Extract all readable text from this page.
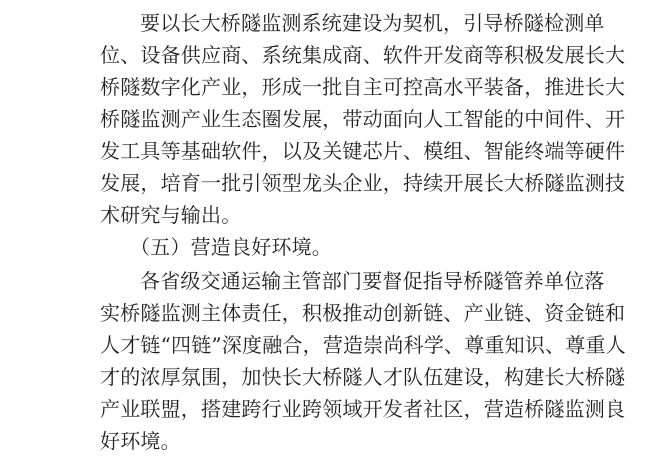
要以长大桥隧监测系统建设为契机，引导桥隧检测单
位、设备供应商、系统集成商、软件开发商等积极发展长大
桥隧数字化产业，形成一批自主可控高水平装备，推进长大
桥隧监测产业生态圈发展，带动面向人工智能的中间件、开
发工具等基础软件，以及关键芯片、模组、智能终端等硬件
发展，培育一批引领型龙头企业，持续开展长大桥隧监测技
术研究与输出。
（五）营造良好环境。
各省级交通运输主管部门要督促指导桥隧管养单位落
实桥隧监测主体责任，积极推动创新链、产业链、资金链和
人才链“四链”深度融合，营造崇尚科学、尊重知识、尊重人
才的浓厚氛围，加快长大桥隧人才队伍建设，构建长大桥隧
产业联盟，搭建跨行业跨领域开发者社区，营造桥隧监测良
好环境。
